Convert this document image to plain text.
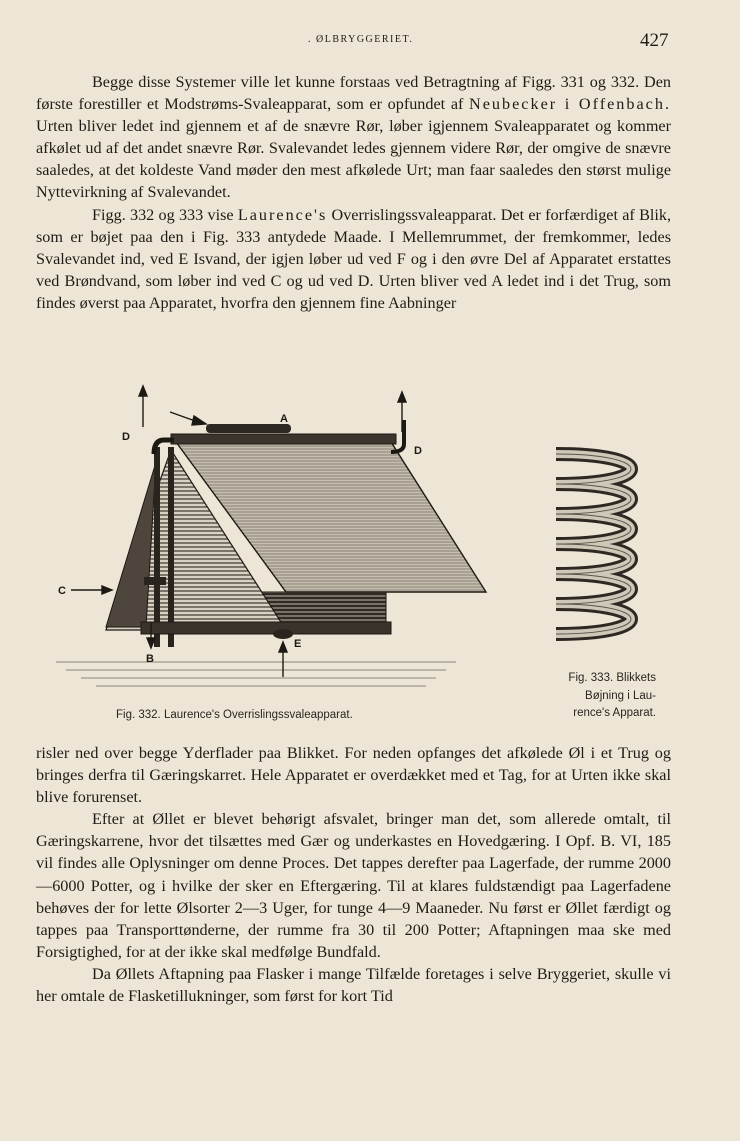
. ØLBRYGGERIET.	427

Begge disse Systemer ville let kunne forstaas ved Betragtning af Figg. 331 og 332. Den første forestiller et Modstrøms-Svaleapparat, som er opfundet af Neubecker i Offenbach. Urten bliver ledet ind gjennem et af de snævre Rør, løber igjennem Svaleapparatet og kommer afkølet ud af det andet snævre Rør. Svalevandet ledes gjennem videre Rør, der omgive de snævre saaledes, at det koldeste Vand møder den mest afkølede Urt; man faar saaledes den størst mulige Nyttevirkning af Svalevandet.

Figg. 332 og 333 vise Laurence's Overrislingssvaleapparat. Det er forfærdiget af Blik, som er bøjet paa den i Fig. 333 antydede Maade. I Mellemrummet, der fremkommer, ledes Svalevandet ind, ved E Isvand, der igjen løber ud ved F og i den øvre Del af Apparatet erstattes ved Brøndvand, som løber ind ved C og ud ved D. Urten bliver ved A ledet ind i det Trug, som findes øverst paa Apparatet, hvorfra den gjennem fine Aabninger

A
D
D
C
B
E
Fig. 332. Laurence's Overrislingssvaleapparat.
Fig. 333. Blikkets
Bøjning i Lau-
rence's Apparat.

risler ned over begge Yderflader paa Blikket. For neden opfanges det afkølede Øl i et Trug og bringes derfra til Gæringskarret. Hele Apparatet er overdækket med et Tag, for at Urten ikke skal blive forurenset.

Efter at Øllet er blevet behørigt afsvalet, bringer man det, som allerede omtalt, til Gæringskarrene, hvor det tilsættes med Gær og underkastes en Hovedgæring. I Opf. B. VI, 185 vil findes alle Oplysninger om denne Proces. Det tappes derefter paa Lagerfade, der rumme 2000—6000 Potter, og i hvilke der sker en Eftergæring. Til at klares fuldstændigt paa Lagerfadene behøves der for lette Ølsorter 2—3 Uger, for tunge 4—9 Maaneder. Nu først er Øllet færdigt og tappes paa Transporttønderne, der rumme fra 30 til 200 Potter; Aftapningen maa ske med Forsigtighed, for at der ikke skal medfølge Bundfald.

Da Øllets Aftapning paa Flasker i mange Tilfælde foretages i selve Bryggeriet, skulle vi her omtale de Flasketillukninger, som først for kort Tid
